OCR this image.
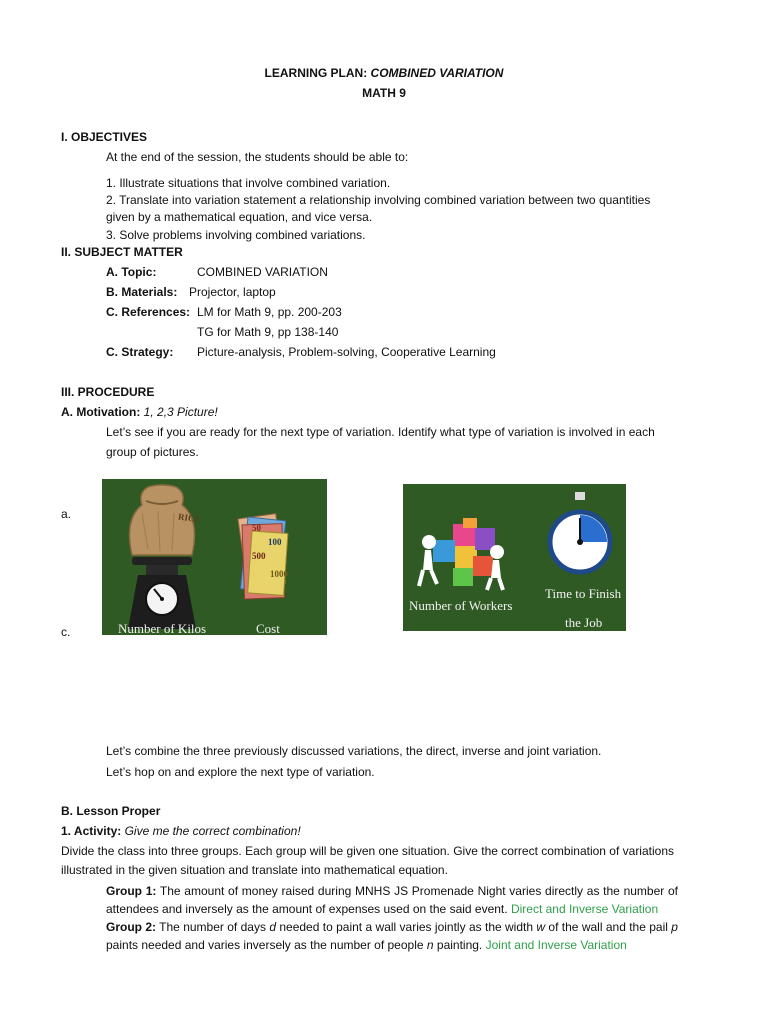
LEARNING PLAN: COMBINED VARIATION
MATH 9
I. OBJECTIVES
At the end of the session, the students should be able to:
1. Illustrate situations that involve combined variation.
2. Translate into variation statement a relationship involving combined variation between two quantities
given by a mathematical equation, and vice versa.
3. Solve problems involving combined variations.
II. SUBJECT MATTER
A. Topic:	COMBINED VARIATION
B. Materials: Projector, laptop
C. References: LM for Math 9, pp. 200-203
TG for Math 9, pp 138-140
C. Strategy: Picture-analysis, Problem-solving, Cooperative Learning
III. PROCEDURE
A. Motivation: 1, 2,3 Picture!
Let’s see if you are ready for the next type of variation. Identify what type of variation is involved in each
group of pictures.
a.
c.
RICE
50
100
500
1000
Number of Kilos	Cost
Number of Workers
Time to Finish
the Job
Let’s combine the three previously discussed variations, the direct, inverse and joint variation.
Let’s hop on and explore the next type of variation.
B. Lesson Proper
1. Activity: Give me the correct combination!
Divide the class into three groups. Each group will be given one situation. Give the correct combination of variations
illustrated in the given situation and translate into mathematical equation.
Group 1: The amount of money raised during MNHS JS Promenade Night varies directly as the number of attendees and inversely as the amount of expenses used on the said event. Direct and Inverse Variation
Group 2: The number of days d needed to paint a wall varies jointly as the width w of the wall and the pail p paints needed and varies inversely as the number of people n painting. Joint and Inverse Variation
